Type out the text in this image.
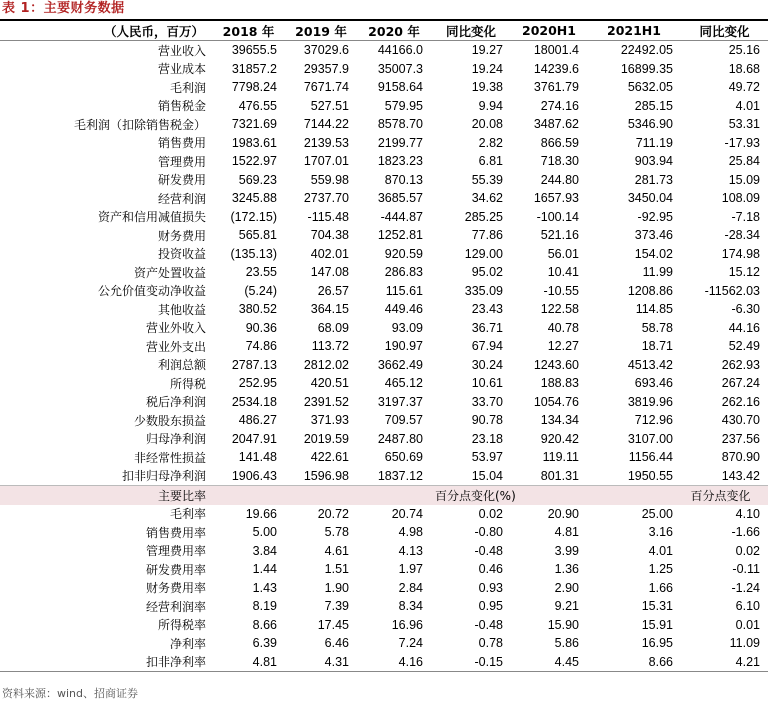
表 1：主要财务数据
（人民币，百万）	2018 年	2019 年	2020 年	同比变化	2020H1	2021H1	同比变化
营业收入	39655.5	37029.6	44166.0	19.27	18001.4	22492.05	25.16
营业成本	31857.2	29357.9	35007.3	19.24	14239.6	16899.35	18.68
毛利润	7798.24	7671.74	9158.64	19.38	3761.79	5632.05	49.72
销售税金	476.55	527.51	579.95	9.94	274.16	285.15	4.01
毛利润（扣除销售税金）	7321.69	7144.22	8578.70	20.08	3487.62	5346.90	53.31
销售费用	1983.61	2139.53	2199.77	2.82	866.59	711.19	-17.93
管理费用	1522.97	1707.01	1823.23	6.81	718.30	903.94	25.84
研发费用	569.23	559.98	870.13	55.39	244.80	281.73	15.09
经营利润	3245.88	2737.70	3685.57	34.62	1657.93	3450.04	108.09
资产和信用减值损失	(172.15)	-115.48	-444.87	285.25	-100.14	-92.95	-7.18
财务费用	565.81	704.38	1252.81	77.86	521.16	373.46	-28.34
投资收益	(135.13)	402.01	920.59	129.00	56.01	154.02	174.98
资产处置收益	23.55	147.08	286.83	95.02	10.41	11.99	15.12
公允价值变动净收益	(5.24)	26.57	115.61	335.09	-10.55	1208.86	-11562.03
其他收益	380.52	364.15	449.46	23.43	122.58	114.85	-6.30
营业外收入	90.36	68.09	93.09	36.71	40.78	58.78	44.16
营业外支出	74.86	113.72	190.97	67.94	12.27	18.71	52.49
利润总额	2787.13	2812.02	3662.49	30.24	1243.60	4513.42	262.93
所得税	252.95	420.51	465.12	10.61	188.83	693.46	267.24
税后净利润	2534.18	2391.52	3197.37	33.70	1054.76	3819.96	262.16
少数股东损益	486.27	371.93	709.57	90.78	134.34	712.96	430.70
归母净利润	2047.91	2019.59	2487.80	23.18	920.42	3107.00	237.56
非经常性损益	141.48	422.61	650.69	53.97	119.11	1156.44	870.90
扣非归母净利润	1906.43	1596.98	1837.12	15.04	801.31	1950.55	143.42
主要比率				百分点变化(%)			百分点变化
毛利率	19.66	20.72	20.74	0.02	20.90	25.00	4.10
销售费用率	5.00	5.78	4.98	-0.80	4.81	3.16	-1.66
管理费用率	3.84	4.61	4.13	-0.48	3.99	4.01	0.02
研发费用率	1.44	1.51	1.97	0.46	1.36	1.25	-0.11
财务费用率	1.43	1.90	2.84	0.93	2.90	1.66	-1.24
经营利润率	8.19	7.39	8.34	0.95	9.21	15.31	6.10
所得税率	8.66	17.45	16.96	-0.48	15.90	15.91	0.01
净利率	6.39	6.46	7.24	0.78	5.86	16.95	11.09
扣非净利率	4.81	4.31	4.16	-0.15	4.45	8.66	4.21
资料来源：wind、招商证券
